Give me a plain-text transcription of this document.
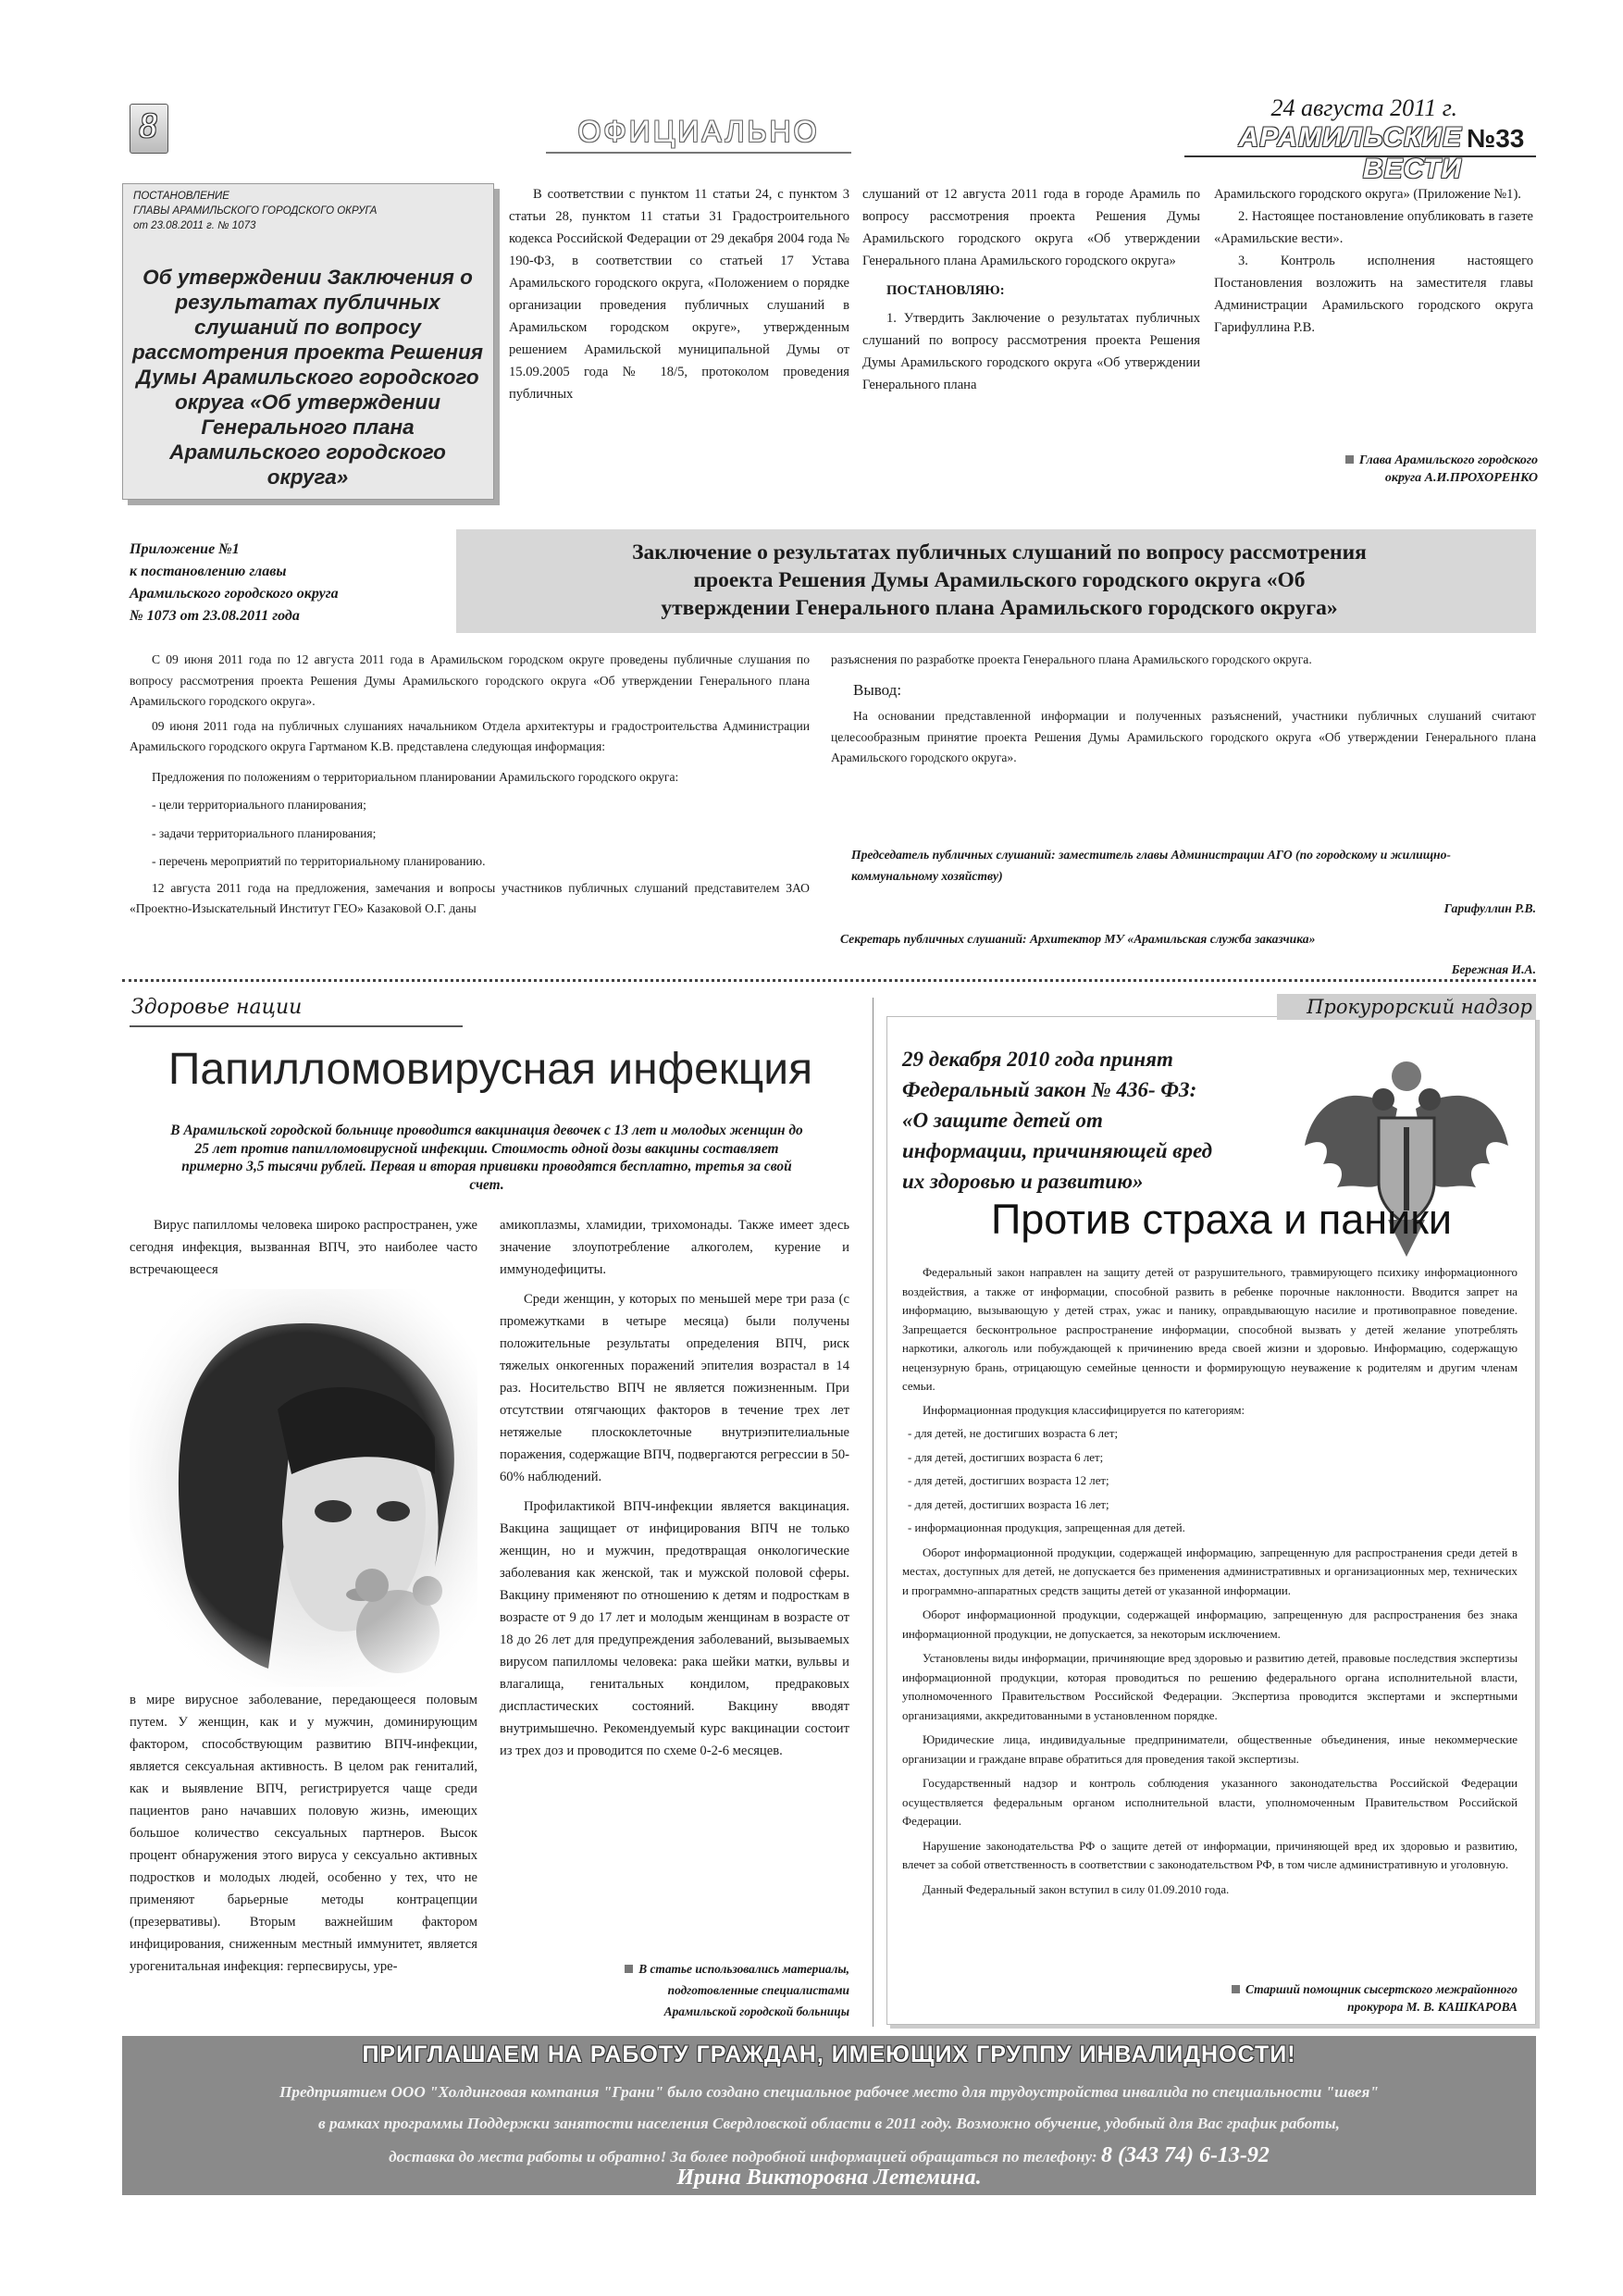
8	ОФИЦИАЛЬНО
24 августа 2011 г.
АРАМИЛЬСКИЕ ВЕСТИ
№33
ПОСТАНОВЛЕНИЕ
ГЛАВЫ АРАМИЛЬСКОГО ГОРОДСКОГО ОКРУГА
от 23.08.2011 г. № 1073
Об утверждении Заключения о результатах публичных слушаний по вопросу рассмотрения проекта Решения Думы Арамильского городского округа «Об утверждении Генерального плана Арамильского городского округа»

В соответствии с пунктом 11 статьи 24, с пунктом 3 статьи 28, пунктом 11 статьи 31 Градостроительного кодекса Российской Федерации от 29 декабря 2004 года № 190-ФЗ, в соответствии со статьей 17 Устава Арамильского городского округа, «Положением о порядке организации проведения публичных слушаний в Арамильском городском округе», утвержденным решением Арамильской муниципальной Думы от 15.09.2005 года № 18/5, протоколом проведения публичных

слушаний от 12 августа 2011 года в городе Арамиль по вопросу рассмотрения проекта Решения Думы Арамильского городского округа «Об утверждении Генерального плана Арамильского городского округа»

ПОСТАНОВЛЯЮ:

1. Утвердить Заключение о результатах публичных слушаний по вопросу рассмотрения проекта Решения Думы Арамильского городского округа «Об утверждении Генерального плана

Арамильского городского округа» (Приложение №1).

2. Настоящее постановление опубликовать в газете «Арамильские вести».

3. Контроль исполнения настоящего Постановления возложить на заместителя главы Администрации Арамильского городского округа Гарифуллина Р.В.

Глава Арамильского городского
округа А.И.ПРОХОРЕНКО
Приложение №1
к постановлению главы
Арамильского городского округа
№ 1073 от 23.08.2011 года
Заключение о результатах публичных слушаний по вопросу рассмотрения
проекта Решения Думы Арамильского городского округа «Об
утверждении Генерального плана Арамильского городского округа»

С 09 июня 2011 года по 12 августа 2011 года в Арамильском городском округе проведены публичные слушания по вопросу рассмотрения проекта Решения Думы Арамильского городского округа «Об утверждении Генерального плана Арамильского городского округа».

09 июня 2011 года на публичных слушаниях начальником Отдела архитектуры и градостроительства Администрации Арамильского городского округа Гартманом К.В. представлена следующая информация:

Предложения по положениям о территориальном планировании Арамильского городского округа:

- цели территориального планирования;

- задачи территориального планирования;

- перечень мероприятий по территориальному планированию.

12 августа 2011 года на предложения, замечания и вопросы участников публичных слушаний представителем ЗАО «Проектно-Изыскательный Институт ГЕО» Казаковой О.Г. даны

разъяснения по разработке проекта Генерального плана Арамильского городского округа.

Вывод:

На основании представленной информации и полученных разъяснений, участники публичных слушаний считают целесообразным принятие проекта Решения Думы Арамильского городского округа «Об утверждении Генерального плана Арамильского городского округа».

Председатель публичных слушаний: заместитель главы Администрации АГО (по городскому и жилищно-коммунальному хозяйству)
Гарифуллин Р.В.
Секретарь публичных слушаний: Архитектор МУ «Арамильская служба заказчика»
Бережная И.А.
Здоровье нации
Папилломовирусная инфекция
В Арамильской городской больнице проводится вакцинация девочек с 13 лет и молодых женщин до 25 лет против папилломовирусной инфекции. Стоимость одной дозы вакцины составляет примерно 3,5 тысячи рублей. Первая и вторая прививки проводятся бесплатно, третья за свой счет.

Вирус папилломы человека широко распространен, уже сегодня инфекция, вызванная ВПЧ, это наиболее часто встречающееся

в мире вирусное заболевание, передающееся половым путем. У женщин, как и у мужчин, доминирующим фактором, способствующим развитию ВПЧ-инфекции, является сексуальная активность. В целом рак гениталий, как и выявление ВПЧ, регистрируется чаще среди пациентов рано начавших половую жизнь, имеющих большое количество сексуальных партнеров. Высок процент обнаружения этого вируса у сексуально активных подростков и молодых людей, особенно у тех, что не применяют барьерные методы контрацепции (презервативы). Вторым важнейшим фактором инфицирования, сниженным местный иммунитет, является урогенитальная инфекция: герпесвирусы, уре-

амикоплазмы, хламидии, трихомонады. Также имеет здесь значение злоупотребление алкоголем, курение и иммунодефициты.

Среди женщин, у которых по меньшей мере три раза (с промежутками в четыре месяца) были получены положительные результаты определения ВПЧ, риск тяжелых онкогенных поражений эпителия возрастал в 14 раз. Носительство ВПЧ не является пожизненным. При отсутствии отягчающих факторов в течение трех лет нетяжелые плоскоклеточные внутриэпителиальные поражения, содержащие ВПЧ, подвергаются регрессии в 50-60% наблюдений.

Профилактикой ВПЧ-инфекции является вакцинация. Вакцина защищает от инфицирования ВПЧ не только женщин, но и мужчин, предотвращая онкологические заболевания как женской, так и мужской половой сферы. Вакцину применяют по отношению к детям и подросткам в возрасте от 9 до 17 лет и молодым женщинам в возрасте от 18 до 26 лет для предупреждения заболеваний, вызываемых вирусом папилломы человека: рака шейки матки, вульвы и влагалища, генитальных кондилом, предраковых диспластических состояний. Вакцину вводят внутримышечно. Рекомендуемый курс вакцинации состоит из трех доз и проводится по схеме 0-2-6 месяцев.

В статье использовались материалы,
подготовленные специалистами
Арамильской городской больницы
Прокурорский надзор
29 декабря 2010 года принят
Федеральный закон № 436- ФЗ:
«О защите детей от
информации, причиняющей вред
их здоровью и развитию»
Против страха и паники

Федеральный закон направлен на защиту детей от разрушительного, травмирующего психику информационного воздействия, а также от информации, способной развить в ребенке порочные наклонности. Вводится запрет на информацию, вызывающую у детей страх, ужас и панику, оправдывающую насилие и противоправное поведение. Запрещается бесконтрольное распространение информации, способной вызвать у детей желание употреблять наркотики, алкоголь или побуждающей к причинению вреда своей жизни и здоровью. Информацию, содержащую нецензурную брань, отрицающую семейные ценности и формирующую неуважение к родителям и другим членам семьи.

Информационная продукция классифицируется по категориям:

- для детей, не достигших возраста 6 лет;

- для детей, достигших возраста 6 лет;

- для детей, достигших возраста 12 лет;

- для детей, достигших возраста 16 лет;

- информационная продукция, запрещенная для детей.

Оборот информационной продукции, содержащей информацию, запрещенную для распространения среди детей в местах, доступных для детей, не допускается без применения административных и организационных мер, технических и программно-аппаратных средств защиты детей от указанной информации.

Оборот информационной продукции, содержащей информацию, запрещенную для распространения без знака информационной продукции, не допускается, за некоторым исключением.

Установлены виды информации, причиняющие вред здоровью и развитию детей, правовые последствия экспертизы информационной продукции, которая проводиться по решению федерального органа исполнительной власти, уполномоченного Правительством Российской Федерации. Экспертиза проводится экспертами и экспертными организациями, аккредитованными в установленном порядке.

Юридические лица, индивидуальные предприниматели, общественные объединения, иные некоммерческие организации и граждане вправе обратиться для проведения такой экспертизы.

Государственный надзор и контроль соблюдения указанного законодательства Российской Федерации осуществляется федеральным органом исполнительной власти, уполномоченным Правительством Российской Федерации.

Нарушение законодательства РФ о защите детей от информации, причиняющей вред их здоровью и развитию, влечет за собой ответственность в соответствии с законодательством РФ, в том числе административную и уголовную.

Данный Федеральный закон вступил в силу 01.09.2010 года.

Старший помощник сысертского межрайонного
прокурора М. В. КАШКАРОВА
ПРИГЛАШАЕМ НА РАБОТУ ГРАЖДАН, ИМЕЮЩИХ ГРУППУ ИНВАЛИДНОСТИ!
Предприятием ООО "Холдинговая компания "Грани" было создано специальное рабочее место для трудоустройства инвалида по специальности "швея"
в рамках программы Поддержки занятости населения Свердловской области в 2011 году. Возможно обучение, удобный для Вас график работы,
доставка до места работы и обратно! За более подробной информацией обращаться по телефону: 8 (343 74) 6-13-92
Ирина Викторовна Летемина.
